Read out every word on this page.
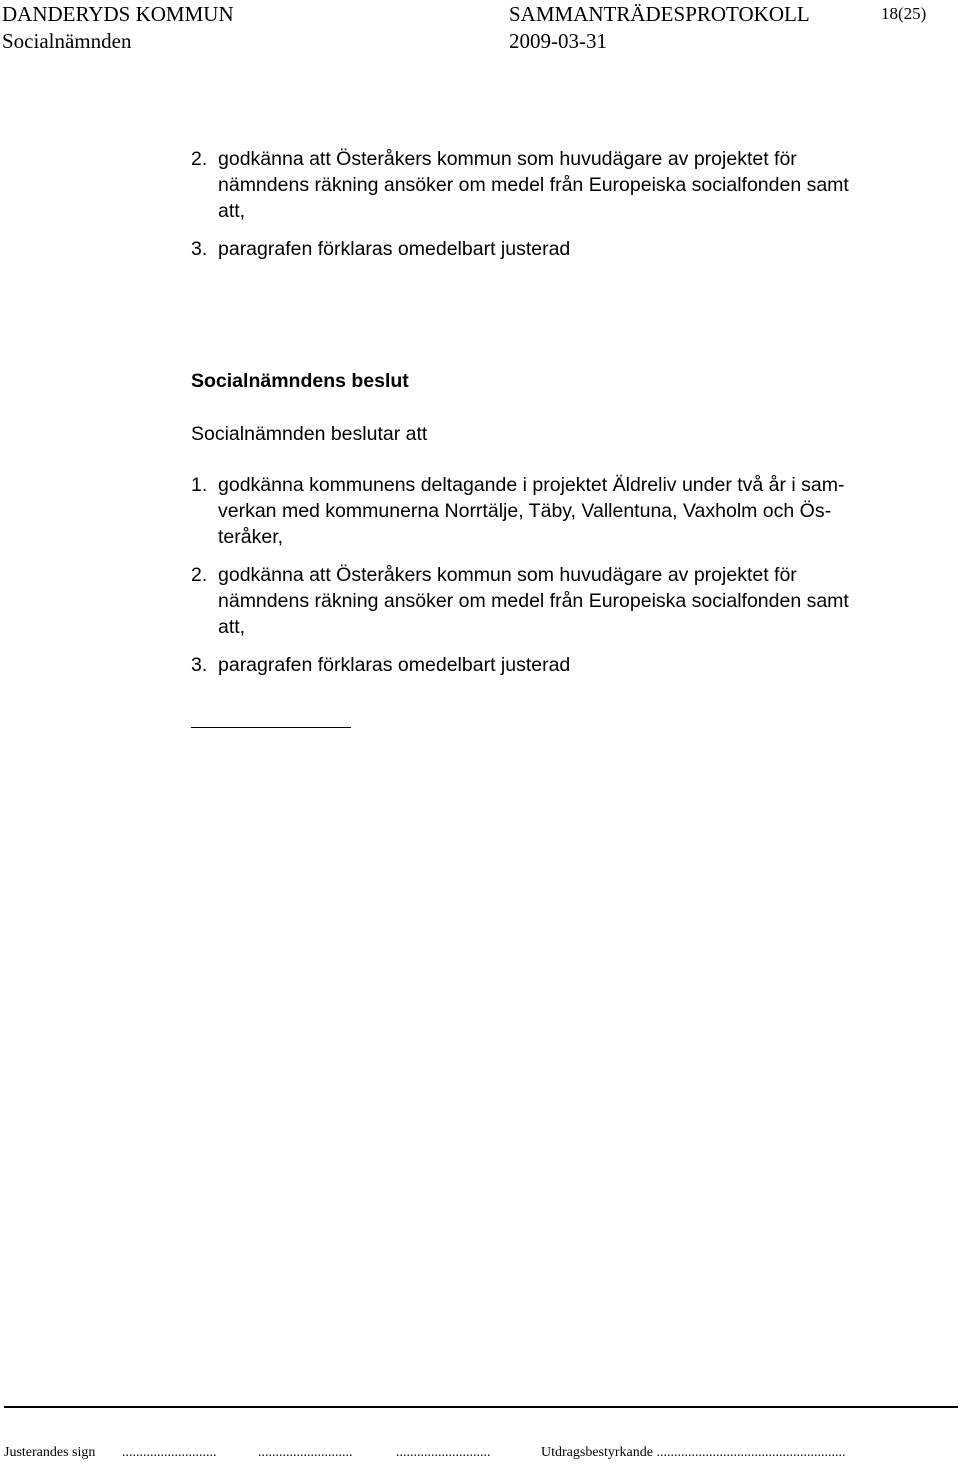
DANDERYDS KOMMUN
Socialnämnden
SAMMANTRÄDESPROTOKOLL
2009-03-31
18(25)
2. godkänna att Österåkers kommun som huvudägare av projektet för
nämndens räkning ansöker om medel från Europeiska socialfonden samt
att,
3. paragrafen förklaras omedelbart justerad
Socialnämndens beslut
Socialnämnden beslutar att
1. godkänna kommunens deltagande i projektet Äldreliv under två år i sam-
verkan med kommunerna Norrtälje, Täby, Vallentuna, Vaxholm och Ös-
teråker,
2. godkänna att Österåkers kommun som huvudägare av projektet för
nämndens räkning ansöker om medel från Europeiska socialfonden samt
att,
3. paragrafen förklaras omedelbart justerad
Justerandes sign ...........................	...........................	...........................	Utdragsbestyrkande ......................................................
